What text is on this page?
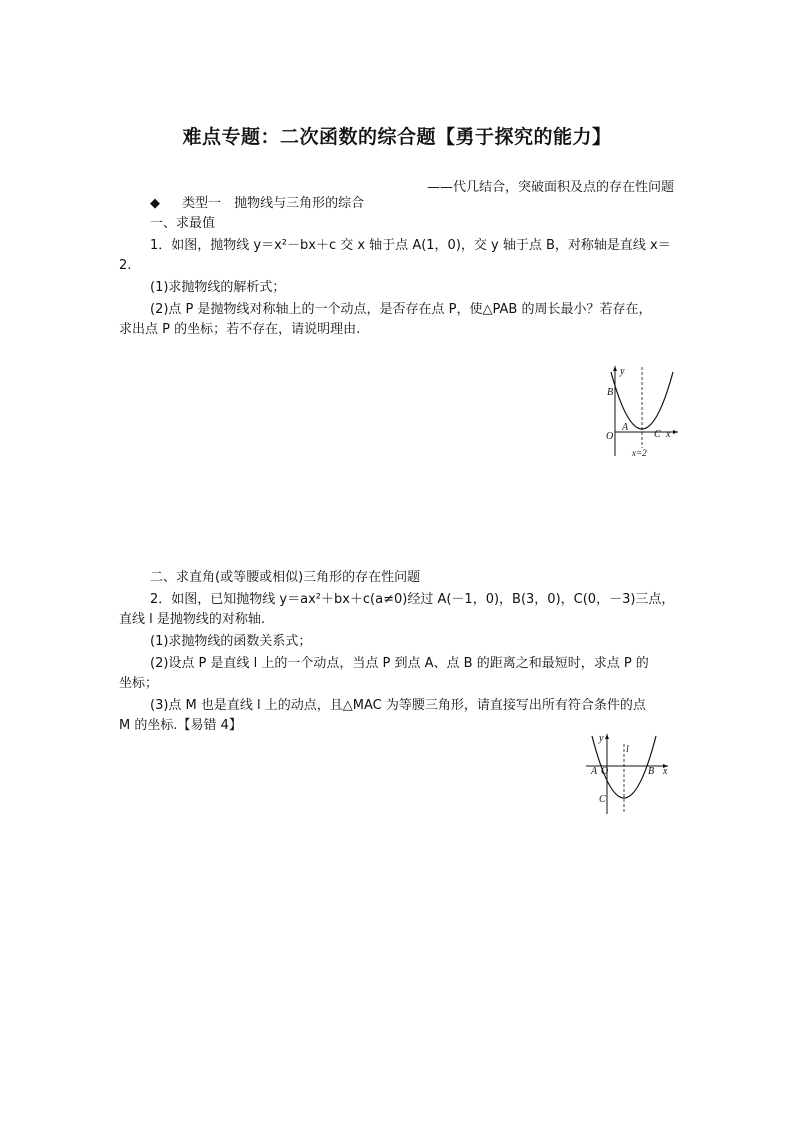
难点专题：二次函数的综合题【勇于探究的能力】
——代几结合，突破面积及点的存在性问题
◆ 类型一　抛物线与三角形的综合
一、求最值
1．如图，抛物线 y＝x²－bx＋c 交 x 轴于点 A(1，0)，交 y 轴于点 B，对称轴是直线 x＝
2.
(1)求抛物线的解析式；
(2)点 P 是抛物线对称轴上的一个动点，是否存在点 P，使△PAB 的周长最小？若存在，
求出点 P 的坐标；若不存在，请说明理由.
y
B
O
A
C x
x=2
二、求直角(或等腰或相似)三角形的存在性问题
2．如图，已知抛物线 y＝ax²＋bx＋c(a≠0)经过 A(－1，0)，B(3，0)，C(0，－3)三点，
直线 l 是抛物线的对称轴.
(1)求抛物线的函数关系式；
(2)设点 P 是直线 l 上的一个动点，当点 P 到点 A、点 B 的距离之和最短时，求点 P 的
坐标；
(3)点 M 也是直线 l 上的动点，且△MAC 为等腰三角形，请直接写出所有符合条件的点
M 的坐标.【易错 4】
y
l
A O	B x
C
